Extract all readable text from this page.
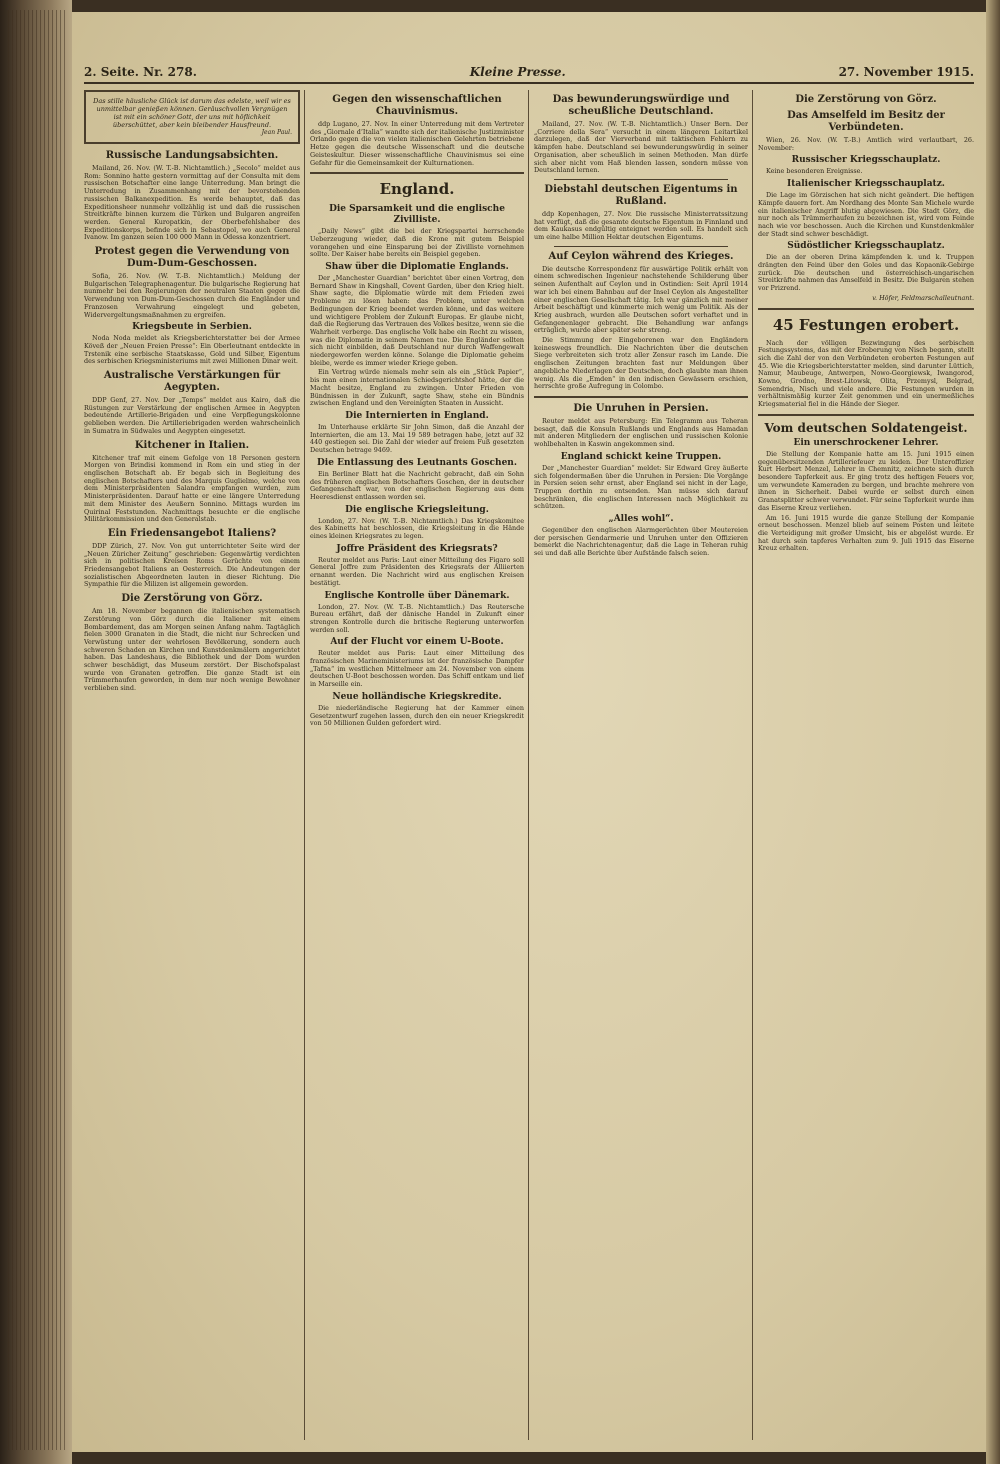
2. Seite. Nr. 278.	Kleine Presse.	27. November 1915.
Das stille häusliche Glück ist darum das edelste, weil wir es unmittelbar genießen können. Geräuschvollen Vergnügen ist mit ein schöner Gott, der uns mit höflichkeit überschüttet, aber kein bleibender Hausfreund.
Jean Paul.
Russische Landungsabsichten.

Mailand, 26. Nov. (W. T.-B. Nichtamtlich.) „Secolo“ meldet aus Rom: Sonnino hatte gestern vormittag auf der Consulta mit dem russischen Botschafter eine lange Unterredung. Man bringt die Unterredung in Zusammenhang mit der bevorstehenden russischen Balkanexpedition. Es werde behauptet, daß das Expeditionsheer nunmehr vollzählig ist und daß die russischen Streitkräfte binnen kurzem die Türken und Bulgaren angreifen werden. General Kuropatkin, der Oberbefehlshaber des Expeditionskorps, befinde sich in Sebastopol, wo auch General Ivanow. Im ganzen seien 100 000 Mann in Odessa konzentriert.

Protest gegen die Verwendung von Dum-Dum-Geschossen.

Sofia, 26. Nov. (W. T.-B. Nichtamtlich.) Meldung der Bulgarischen Telegraphenagentur. Die bulgarische Regierung hat nunmehr bei den Regierungen der neutralen Staaten gegen die Verwendung von Dum-Dum-Geschossen durch die Engländer und Franzosen Verwahrung eingelegt und gebeten, Widervergeltungsmaßnahmen zu ergreifen.

Kriegsbeute in Serbien.

Noda Noda meldet als Kriegsberichterstatter bei der Armee Köveß der „Neuen Freien Presse“: Ein Oberleutnant entdeckte in Trstenik eine serbische Staatskasse, Gold und Silber, Eigentum des serbischen Kriegsministeriums mit zwei Millionen Dinar weit.

Australische Verstärkungen für Aegypten.

DDP Genf, 27. Nov. Der „Temps“ meldet aus Kairo, daß die Rüstungen zur Verstärkung der englischen Armee in Aegypten bedeutende Artillerie-Brigaden und eine Verpflegungskolonne geblieben werden. Die Artilleriebrigaden werden wahrscheinlich in Sumatra in Südwales und Aegypten eingesetzt.

Kitchener in Italien.

Kitchener traf mit einem Gefolge von 18 Personen gestern Morgen von Brindisi kommend in Rom ein und stieg in der englischen Botschaft ab. Er begab sich in Begleitung des englischen Botschafters und des Marquis Guglielmo, welche von dem Ministerpräsidenten Salandra empfangen wurden, zum Ministerpräsidenten. Darauf hatte er eine längere Unterredung mit dem Minister des Aeußern Sonnino. Mittags wurden im Quirinal Feststunden. Nachmittags besuchte er die englische Militärkommission und den Generalstab.

Ein Friedensangebot Italiens?

DDP Zürich, 27. Nov. Von gut unterrichteter Seite wird der „Neuen Züricher Zeitung“ geschrieben: Gegenwärtig verdichten sich in politischen Kreisen Roms Gerüchte von einem Friedensangebot Italiens an Oesterreich. Die Andeutungen der sozialistischen Abgeordneten lauten in dieser Richtung. Die Sympathie für die Milizen ist allgemein geworden.

Die Zerstörung von Görz.

Am 18. November begannen die italienischen systematisch Zerstörung von Görz durch die Italiener mit einem Bombardement, das am Morgen seinen Anfang nahm. Tagtäglich fielen 3000 Granaten in die Stadt, die nicht nur Schrecken und Verwüstung unter der wehrlosen Bevölkerung, sondern auch schweren Schaden an Kirchen und Kunstdenkmälern angerichtet haben. Das Landeshaus, die Bibliothek und der Dom wurden schwer beschädigt, das Museum zerstört. Der Bischofspalast wurde von Granaten getroffen. Die ganze Stadt ist ein Trümmerhaufen geworden, in dem nur noch wenige Bewohner verblieben sind.

Gegen den wissenschaftlichen Chauvinismus.

ddp Lugano, 27. Nov. In einer Unterredung mit dem Vertreter des „Giornale d’Italia“ wandte sich der italienische Justizminister Orlando gegen die von vielen italienischen Gelehrten betriebene Hetze gegen die deutsche Wissenschaft und die deutsche Geisteskultur. Dieser wissenschaftliche Chauvinismus sei eine Gefahr für die Gemeinsamkeit der Kulturnationen.

England.
Die Sparsamkeit und die englische Zivilliste.

„Daily News“ gibt die bei der Kriegspartei herrschende Ueberzeugung wieder, daß die Krone mit gutem Beispiel vorangehen und eine Einsparung bei der Zivilliste vornehmen sollte. Der Kaiser habe bereits ein Beispiel gegeben.

Shaw über die Diplomatie Englands.

Der „Manchester Guardian“ berichtet über einen Vortrag, den Bernard Shaw in Kingshall, Covent Garden, über den Krieg hielt. Shaw sagte, die Diplomatie würde mit dem Frieden zwei Probleme zu lösen haben: das Problem, unter welchen Bedingungen der Krieg beendet werden könne, und das weitere und wichtigere Problem der Zukunft Europas. Er glaube nicht, daß die Regierung das Vertrauen des Volkes besitze, wenn sie die Wahrheit verberge. Das englische Volk habe ein Recht zu wissen, was die Diplomatie in seinem Namen tue. Die Engländer sollten sich nicht einbilden, daß Deutschland nur durch Waffengewalt niedergeworfen werden könne. Solange die Diplomatie geheim bleibe, werde es immer wieder Kriege geben.

Ein Vertrag würde niemals mehr sein als ein „Stück Papier“, bis man einen internationalen Schiedsgerichtshof hätte, der die Macht besitze, England zu zwingen. Unter Frieden von Bündnissen in der Zukunft, sagte Shaw, stehe ein Bündnis zwischen England und den Vereinigten Staaten in Aussicht.

Die Internierten in England.

Im Unterhause erklärte Sir John Simon, daß die Anzahl der Internierten, die am 13. Mai 19 589 betragen habe, jetzt auf 32 440 gestiegen sei. Die Zahl der wieder auf freiem Fuß gesetzten Deutschen betrage 9469.

Die Entlassung des Leutnants Goschen.

Ein Berliner Blatt hat die Nachricht gebracht, daß ein Sohn des früheren englischen Botschafters Goschen, der in deutscher Gefangenschaft war, von der englischen Regierung aus dem Heeresdienst entlassen worden sei.

Die englische Kriegsleitung.

London, 27. Nov. (W. T.-B. Nichtamtlich.) Das Kriegskomitee des Kabinetts hat beschlossen, die Kriegsleitung in die Hände eines kleinen Kriegsrates zu legen.

Joffre Präsident des Kriegsrats?

Reuter meldet aus Paris: Laut einer Mitteilung des Figaro soll General Joffre zum Präsidenten des Kriegsrats der Alliierten ernannt werden. Die Nachricht wird aus englischen Kreisen bestätigt.

Englische Kontrolle über Dänemark.

London, 27. Nov. (W. T.-B. Nichtamtlich.) Das Reutersche Bureau erfährt, daß der dänische Handel in Zukunft einer strengen Kontrolle durch die britische Regierung unterworfen werden soll.

Auf der Flucht vor einem U-Boote.

Reuter meldet aus Paris: Laut einer Mitteilung des französischen Marineministeriums ist der französische Dampfer „Tafna“ im westlichen Mittelmeer am 24. November von einem deutschen U-Boot beschossen worden. Das Schiff entkam und lief in Marseille ein.

Neue holländische Kriegskredite.

Die niederländische Regierung hat der Kammer einen Gesetzentwurf zugehen lassen, durch den ein neuer Kriegskredit von 50 Millionen Gulden gefordert wird.

Das bewunderungswürdige und scheußliche Deutschland.

Mailand, 27. Nov. (W. T.-B. Nichtamtlich.) Unser Bern. Der „Corriere della Sera“ versucht in einem längeren Leitartikel darzulegen, daß der Vierverband mit taktischen Fehlern zu kämpfen habe. Deutschland sei bewunderungswürdig in seiner Organisation, aber scheußlich in seinen Methoden. Man dürfe sich aber nicht vom Haß blenden lassen, sondern müsse von Deutschland lernen.

Diebstahl deutschen Eigentums in Rußland.

ddp Kopenhagen, 27. Nov. Die russische Ministerratssitzung hat verfügt, daß die gesamte deutsche Eigentum in Finnland und dem Kaukasus endgültig enteignet werden soll. Es handelt sich um eine halbe Million Hektar deutschen Eigentums.

Auf Ceylon während des Krieges.

Die deutsche Korrespondenz für auswärtige Politik erhält von einem schwedischen Ingenieur nachstehende Schilderung über seinen Aufenthalt auf Ceylon und in Ostindien: Seit April 1914 war ich bei einem Bahnbau auf der Insel Ceylon als Angestellter einer englischen Gesellschaft tätig. Ich war gänzlich mit meiner Arbeit beschäftigt und kümmerte mich wenig um Politik. Als der Krieg ausbrach, wurden alle Deutschen sofort verhaftet und in Gefangenenlager gebracht. Die Behandlung war anfangs erträglich, wurde aber später sehr streng.

Die Stimmung der Eingeborenen war den Engländern keineswegs freundlich. Die Nachrichten über die deutschen Siege verbreiteten sich trotz aller Zensur rasch im Lande. Die englischen Zeitungen brachten fast nur Meldungen über angebliche Niederlagen der Deutschen, doch glaubte man ihnen wenig. Als die „Emden“ in den indischen Gewässern erschien, herrschte große Aufregung in Colombo.

Die Unruhen in Persien.

Reuter meldet aus Petersburg: Ein Telegramm aus Teheran besagt, daß die Konsuln Rußlands und Englands aus Hamadan mit anderen Mitgliedern der englischen und russischen Kolonie wohlbehalten in Kaswin angekommen sind.

England schickt keine Truppen.

Der „Manchester Guardian“ meldet: Sir Edward Grey äußerte sich folgendermaßen über die Unruhen in Persien: Die Vorgänge in Persien seien sehr ernst, aber England sei nicht in der Lage, Truppen dorthin zu entsenden. Man müsse sich darauf beschränken, die englischen Interessen nach Möglichkeit zu schützen.

„Alles wohl“.

Gegenüber den englischen Alarmgerüchten über Meutereien der persischen Gendarmerie und Unruhen unter den Offizieren bemerkt die Nachrichtenagentur, daß die Lage in Teheran ruhig sei und daß alle Berichte über Aufstände falsch seien.

Die Zerstörung von Görz.
Das Amselfeld im Besitz der Verbündeten.

Wien, 26. Nov. (W. T.-B.) Amtlich wird verlautbart, 26. November:

Russischer Kriegsschauplatz.

Keine besonderen Ereignisse.

Italienischer Kriegsschauplatz.

Die Lage im Görzischen hat sich nicht geändert. Die heftigen Kämpfe dauern fort. Am Nordhang des Monte San Michele wurde ein italienischer Angriff blutig abgewiesen. Die Stadt Görz, die nur noch als Trümmerhaufen zu bezeichnen ist, wird vom Feinde nach wie vor beschossen. Auch die Kirchen und Kunstdenkmäler der Stadt sind schwer beschädigt.

Südöstlicher Kriegsschauplatz.

Die an der oberen Drina kämpfenden k. und k. Truppen drängten den Feind über den Goles und das Kopaonik-Gebirge zurück. Die deutschen und österreichisch-ungarischen Streitkräfte nahmen das Amselfeld in Besitz. Die Bulgaren stehen vor Prizrend.

v. Höfer, Feldmarschalleutnant.
45 Festungen erobert.

Nach der völligen Bezwingung des serbischen Festungssystems, das mit der Eroberung von Nisch begann, stellt sich die Zahl der von den Verbündeten eroberten Festungen auf 45. Wie die Kriegsberichterstatter melden, sind darunter Lüttich, Namur, Maubeuge, Antwerpen, Nowo-Georgiewsk, Iwangorod, Kowno, Grodno, Brest-Litowsk, Olita, Przemysl, Belgrad, Semendria, Nisch und viele andere. Die Festungen wurden in verhältnismäßig kurzer Zeit genommen und ein unermeßliches Kriegsmaterial fiel in die Hände der Sieger.

Vom deutschen Soldatengeist.
Ein unerschrockener Lehrer.

Die Stellung der Kompanie hatte am 15. Juni 1915 einen gegenübersitzenden Artilleriefeuer zu leiden. Der Unteroffizier Kurt Herbert Menzel, Lehrer in Chemnitz, zeichnete sich durch besondere Tapferkeit aus. Er ging trotz des heftigen Feuers vor, um verwundete Kameraden zu bergen, und brachte mehrere von ihnen in Sicherheit. Dabei wurde er selbst durch einen Granatsplitter schwer verwundet. Für seine Tapferkeit wurde ihm das Eiserne Kreuz verliehen.

Am 16. Juni 1915 wurde die ganze Stellung der Kompanie erneut beschossen. Menzel blieb auf seinem Posten und leitete die Verteidigung mit großer Umsicht, bis er abgelöst wurde. Er hat durch sein tapferes Verhalten zum 9. Juli 1915 das Eiserne Kreuz erhalten.
